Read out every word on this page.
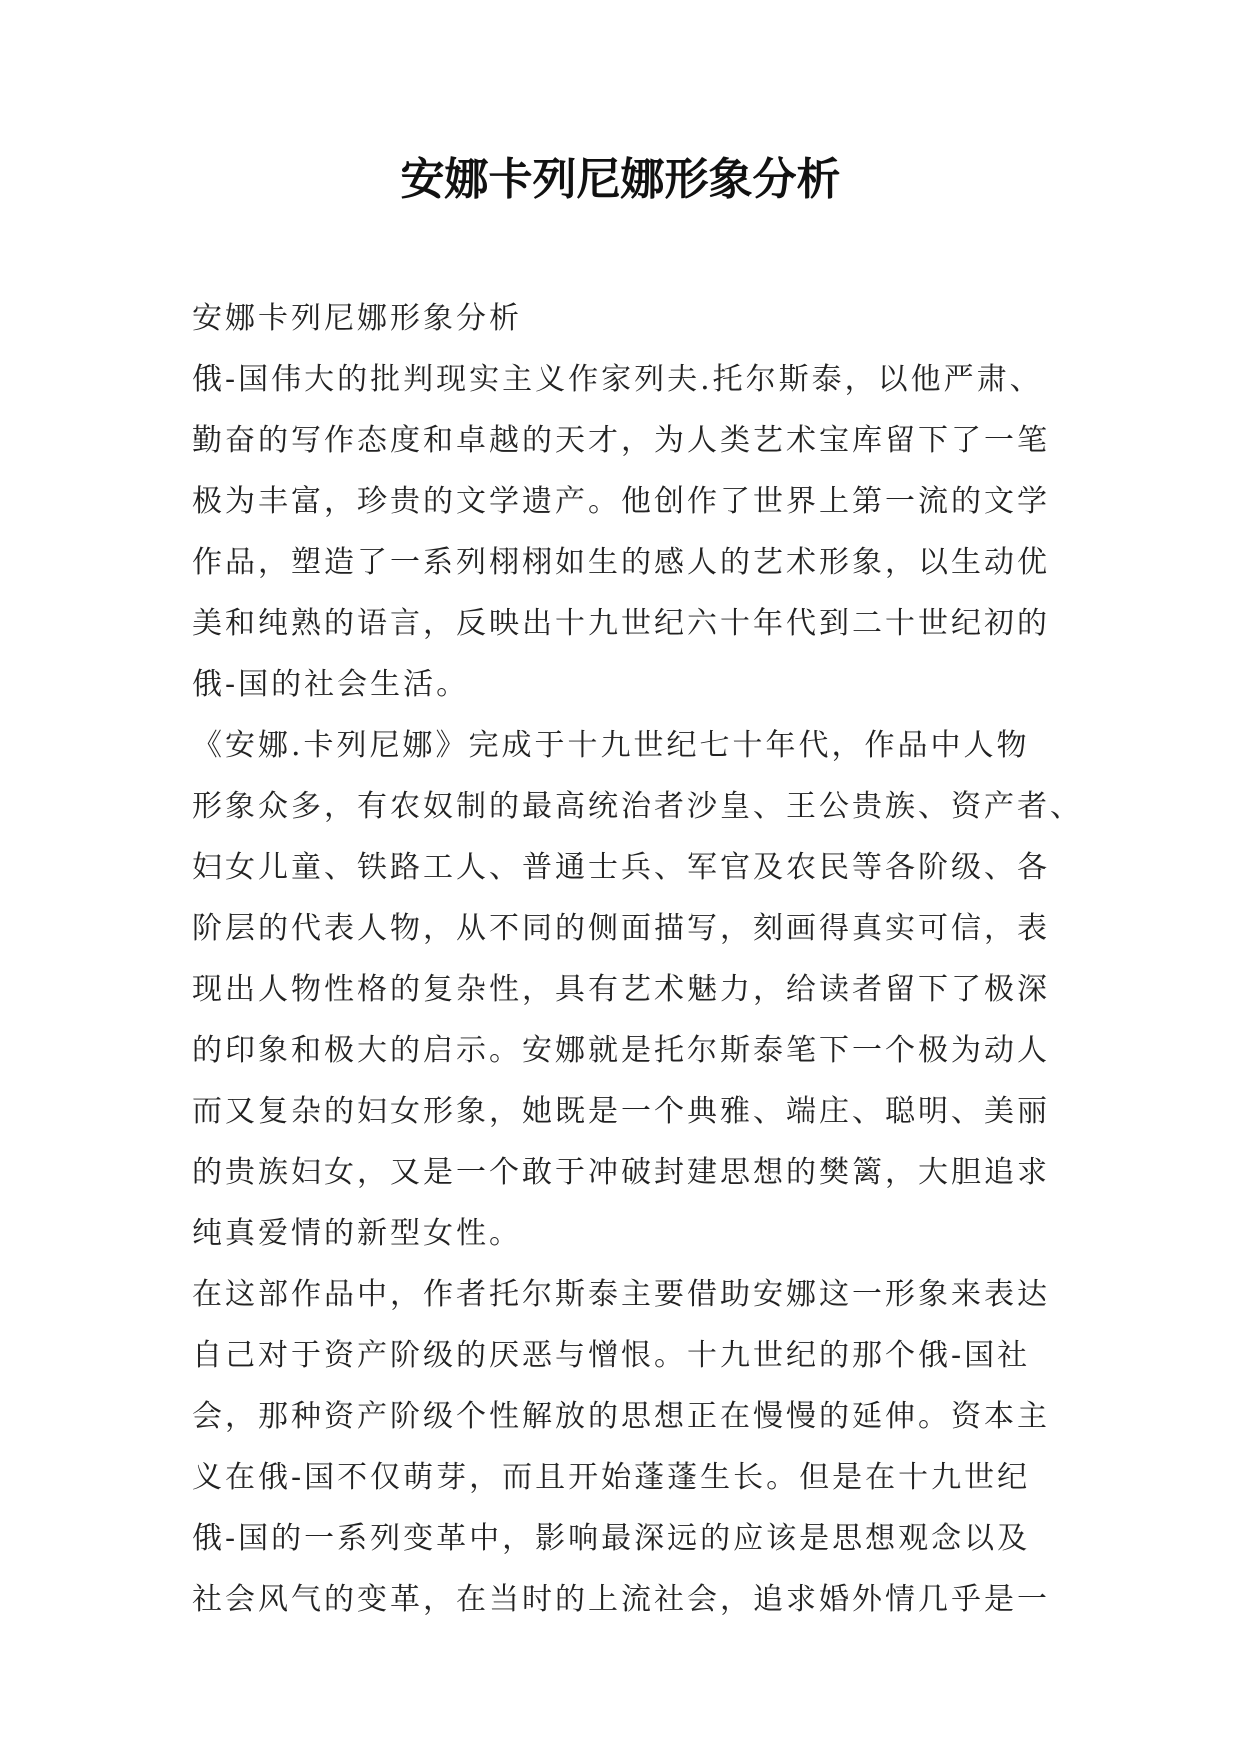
安娜卡列尼娜形象分析
安娜卡列尼娜形象分析
俄-国伟大的批判现实主义作家列夫.托尔斯泰，以他严肃、
勤奋的写作态度和卓越的天才，为人类艺术宝库留下了一笔
极为丰富，珍贵的文学遗产。他创作了世界上第一流的文学
作品，塑造了一系列栩栩如生的感人的艺术形象，以生动优
美和纯熟的语言，反映出十九世纪六十年代到二十世纪初的
俄-国的社会生活。
《安娜.卡列尼娜》完成于十九世纪七十年代，作品中人物
形象众多，有农奴制的最高统治者沙皇、王公贵族、资产者、
妇女儿童、铁路工人、普通士兵、军官及农民等各阶级、各
阶层的代表人物，从不同的侧面描写，刻画得真实可信，表
现出人物性格的复杂性，具有艺术魅力，给读者留下了极深
的印象和极大的启示。安娜就是托尔斯泰笔下一个极为动人
而又复杂的妇女形象，她既是一个典雅、端庄、聪明、美丽
的贵族妇女，又是一个敢于冲破封建思想的樊篱，大胆追求
纯真爱情的新型女性。
在这部作品中，作者托尔斯泰主要借助安娜这一形象来表达
自己对于资产阶级的厌恶与憎恨。十九世纪的那个俄-国社
会，那种资产阶级个性解放的思想正在慢慢的延伸。资本主
义在俄-国不仅萌芽，而且开始蓬蓬生长。但是在十九世纪
俄-国的一系列变革中，影响最深远的应该是思想观念以及
社会风气的变革，在当时的上流社会，追求婚外情几乎是一
